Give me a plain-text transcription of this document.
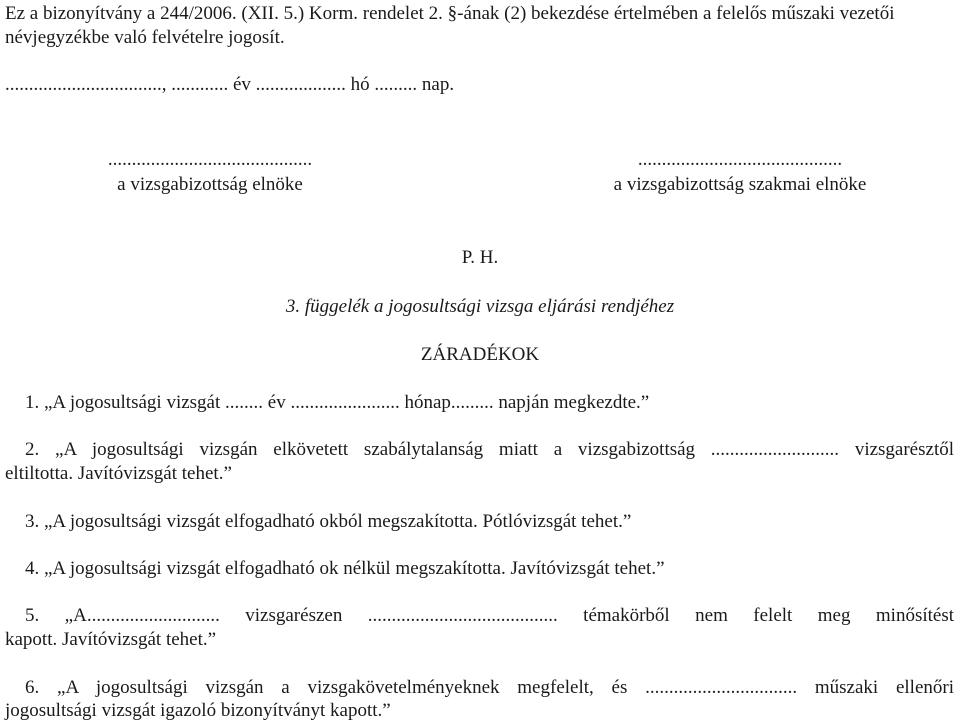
Ez a bizonyítvány a 244/2006. (XII. 5.) Korm. rendelet 2. §-ának (2) bekezdése értelmében a felelős műszaki vezetői
névjegyzékbe való felvételre jogosít.
................................., ............ év ................... hó ......... nap.
...........................................
a vizsgabizottság elnöke
...........................................
a vizsgabizottság szakmai elnöke
P. H.
3. függelék a jogosultsági vizsga eljárási rendjéhez
ZÁRADÉKOK
1. „A jogosultsági vizsgát ........ év ....................... hónap......... napján megkezdte.”
2. „A jogosultsági vizsgán elkövetett szabálytalanság miatt a vizsgabizottság ........................... vizsgarésztől
eltiltotta. Javítóvizsgát tehet.”
3. „A jogosultsági vizsgát elfogadható okból megszakította. Pótlóvizsgát tehet.”
4. „A jogosultsági vizsgát elfogadható ok nélkül megszakította. Javítóvizsgát tehet.”
5. „A............................ vizsgarészen ........................................ témakörből nem felelt meg minősítést
kapott. Javítóvizsgát tehet.”
6. „A jogosultsági vizsgán a vizsgakövetelményeknek megfelelt, és ................................ műszaki ellenőri
jogosultsági vizsgát igazoló bizonyítványt kapott.”
